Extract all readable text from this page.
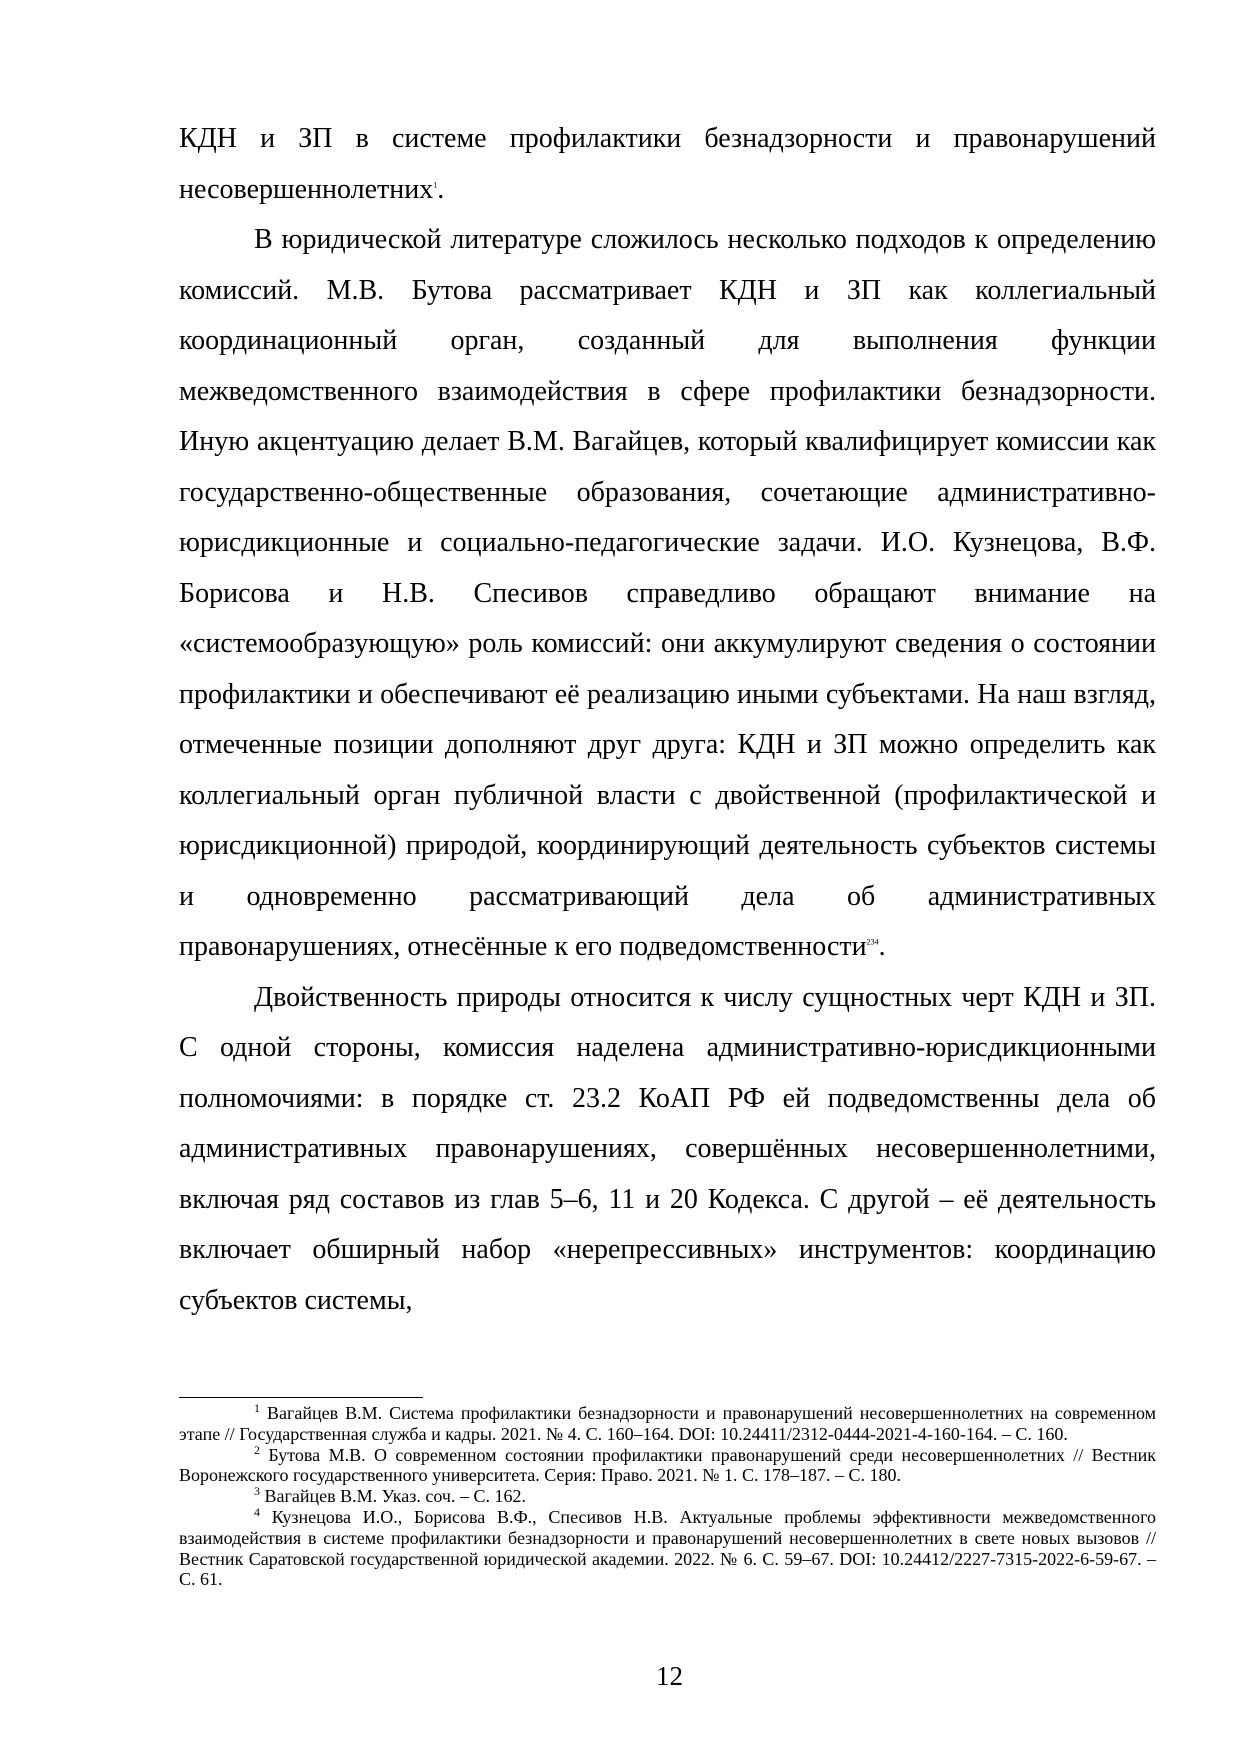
КДН и ЗП в системе профилактики безнадзорности и правонарушений несовершеннолетних$^1$.

В юридической литературе сложилось несколько подходов к определению комиссий. М.В. Бутова рассматривает КДН и ЗП как коллегиальный координационный орган, созданный для выполнения функции межведомственного взаимодействия в сфере профилактики безнадзорности. Иную акцентуацию делает В.М. Вагайцев, который квалифицирует комиссии как государственно-общественные образования, сочетающие административно-юрисдикционные и социально-педагогические задачи. И.О. Кузнецова, В.Ф. Борисова и Н.В. Спесивов справедливо обращают внимание на «системообразующую» роль комиссий: они аккумулируют сведения о состоянии профилактики и обеспечивают её реализацию иными субъектами. На наш взгляд, отмеченные позиции дополняют друг друга: КДН и ЗП можно определить как коллегиальный орган публичной власти с двойственной (профилактической и юрисдикционной) природой, координирующий деятельность субъектов системы и одновременно рассматривающий дела об административных правонарушениях, отнесённые к его подведомственности$^{234}$.

Двойственность природы относится к числу сущностных черт КДН и ЗП. С одной стороны, комиссия наделена административно-юрисдикционными полномочиями: в порядке ст. 23.2 КоАП РФ ей подведомственны дела об административных правонарушениях, совершённых несовершеннолетними, включая ряд составов из глав 5–6, 11 и 20 Кодекса. С другой – её деятельность включает обширный набор «нерепрессивных» инструментов: координацию субъектов системы,

$^1$ Вагайцев В.М. Система профилактики безнадзорности и правонарушений несовершеннолетних на современном этапе // Государственная служба и кадры. 2021. № 4. С. 160–164. DOI: 10.24411/2312-0444-2021-4-160-164. – С. 160.

$^2$ Бутова М.В. О современном состоянии профилактики правонарушений среди несовершеннолетних // Вестник Воронежского государственного университета. Серия: Право. 2021. № 1. С. 178–187. – С. 180.

$^3$ Вагайцев В.М. Указ. соч. – С. 162.

$^4$ Кузнецова И.О., Борисова В.Ф., Спесивов Н.В. Актуальные проблемы эффективности межведомственного взаимодействия в системе профилактики безнадзорности и правонарушений несовершеннолетних в свете новых вызовов // Вестник Саратовской государственной юридической академии. 2022. № 6. С. 59–67. DOI: 10.24412/2227-7315-2022-6-59-67. – С. 61.

12
